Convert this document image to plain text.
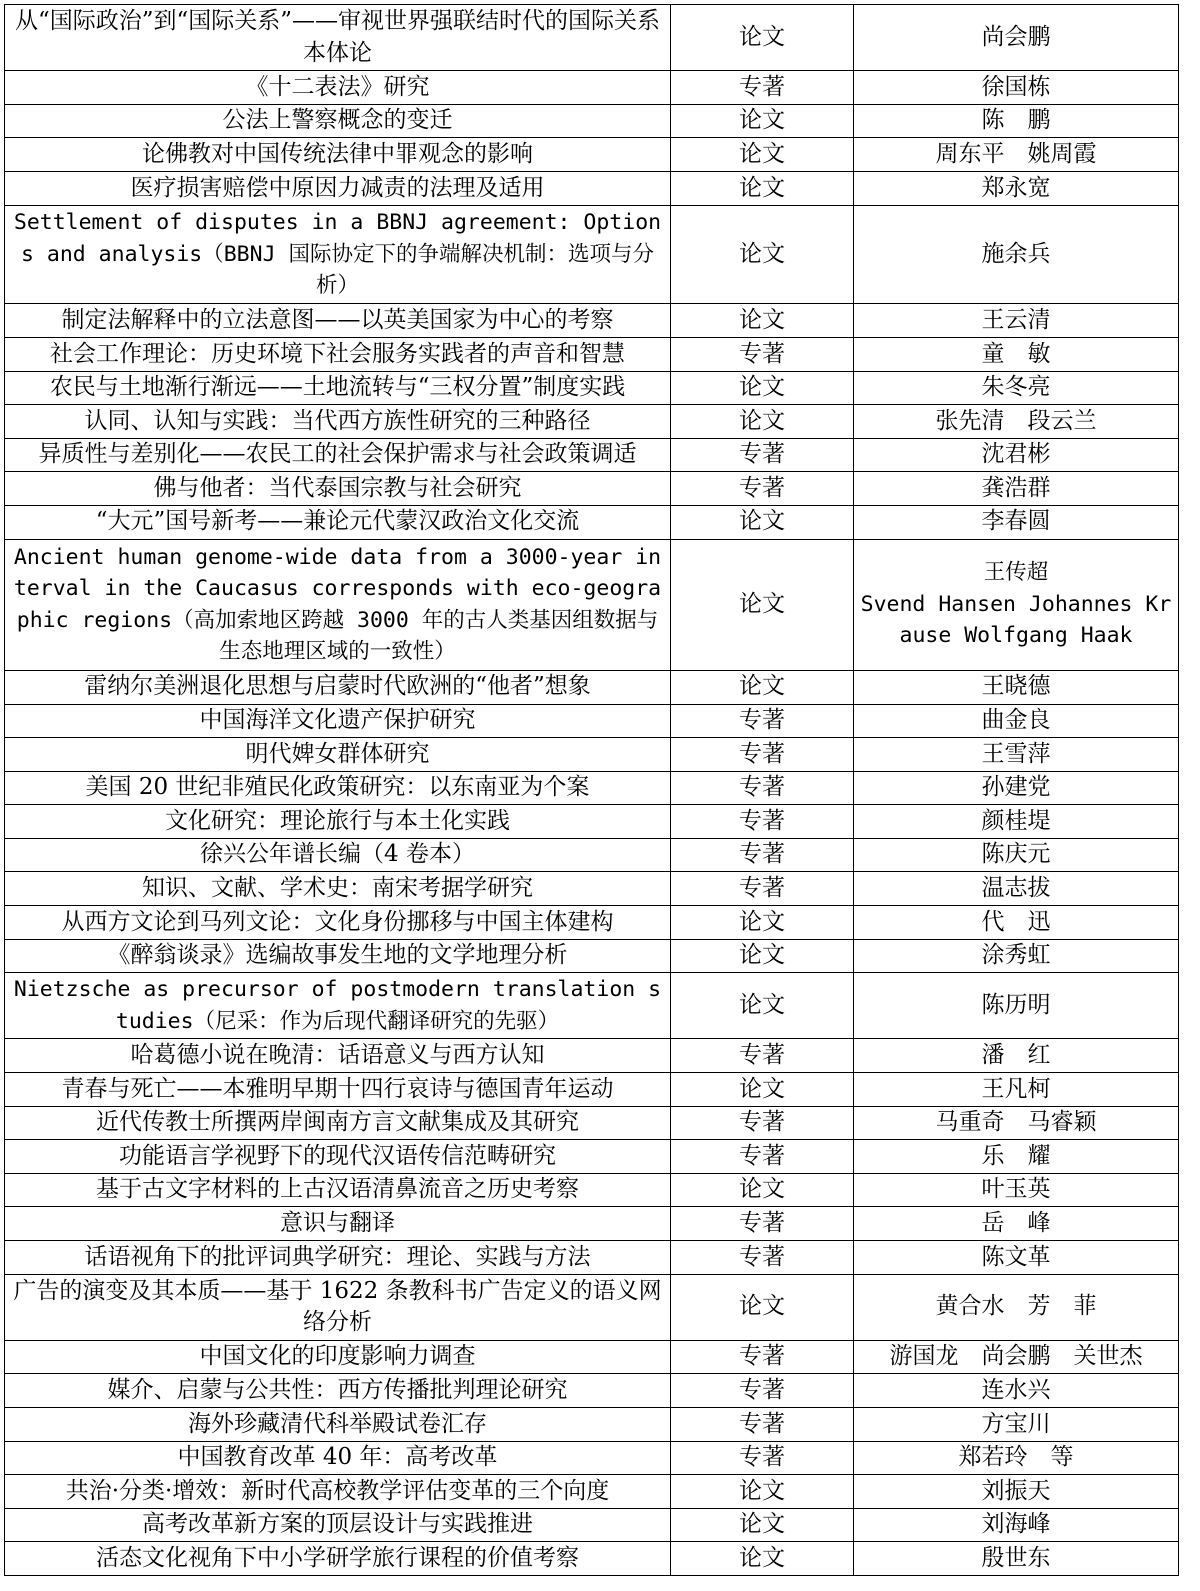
从“国际政治”到“国际关系”——审视世界强联结时代的国际关系本体论	论文	尚会鹏
《十二表法》研究	专著	徐国栋
公法上警察概念的变迁	论文	陈　鹏
论佛教对中国传统法律中罪观念的影响	论文	周东平　姚周霞
医疗损害赔偿中原因力减责的法理及适用	论文	郑永宽
Settlement of disputes in a BBNJ agreement: Options and analysis（BBNJ 国际协定下的争端解决机制：选项与分析）	论文	施余兵
制定法解释中的立法意图——以英美国家为中心的考察	论文	王云清
社会工作理论：历史环境下社会服务实践者的声音和智慧	专著	童　敏
农民与土地渐行渐远——土地流转与“三权分置”制度实践	论文	朱冬亮
认同、认知与实践：当代西方族性研究的三种路径	论文	张先清　段云兰
异质性与差别化——农民工的社会保护需求与社会政策调适	专著	沈君彬
佛与他者：当代泰国宗教与社会研究	专著	龚浩群
“大元”国号新考——兼论元代蒙汉政治文化交流	论文	李春圆
Ancient human genome-wide data from a 3000-year interval in the Caucasus corresponds with eco-geographic regions（高加索地区跨越 3000 年的古人类基因组数据与生态地理区域的一致性）	论文	王传超
Svend Hansen Johannes Krause Wolfgang Haak
雷纳尔美洲退化思想与启蒙时代欧洲的“他者”想象	论文	王晓德
中国海洋文化遗产保护研究	专著	曲金良
明代婢女群体研究	专著	王雪萍
美国 20 世纪非殖民化政策研究：以东南亚为个案	专著	孙建党
文化研究：理论旅行与本土化实践	专著	颜桂堤
徐兴公年谱长编（4 卷本）	专著	陈庆元
知识、文献、学术史：南宋考据学研究	专著	温志拔
从西方文论到马列文论：文化身份挪移与中国主体建构	论文	代　迅
《醉翁谈录》选编故事发生地的文学地理分析	论文	涂秀虹
Nietzsche as precursor of postmodern translation studies（尼采：作为后现代翻译研究的先驱）	论文	陈历明
哈葛德小说在晚清：话语意义与西方认知	专著	潘　红
青春与死亡——本雅明早期十四行哀诗与德国青年运动	论文	王凡柯
近代传教士所撰两岸闽南方言文献集成及其研究	专著	马重奇　马睿颖
功能语言学视野下的现代汉语传信范畴研究	专著	乐　耀
基于古文字材料的上古汉语清鼻流音之历史考察	论文	叶玉英
意识与翻译	专著	岳　峰
话语视角下的批评词典学研究：理论、实践与方法	专著	陈文革
广告的演变及其本质——基于 1622 条教科书广告定义的语义网络分析	论文	黄合水　芳　菲
中国文化的印度影响力调查	专著	游国龙　尚会鹏　关世杰
媒介、启蒙与公共性：西方传播批判理论研究	专著	连水兴
海外珍藏清代科举殿试卷汇存	专著	方宝川
中国教育改革 40 年：高考改革	专著	郑若玲　等
共治·分类·增效：新时代高校教学评估变革的三个向度	论文	刘振天
高考改革新方案的顶层设计与实践推进	论文	刘海峰
活态文化视角下中小学研学旅行课程的价值考察	论文	殷世东
